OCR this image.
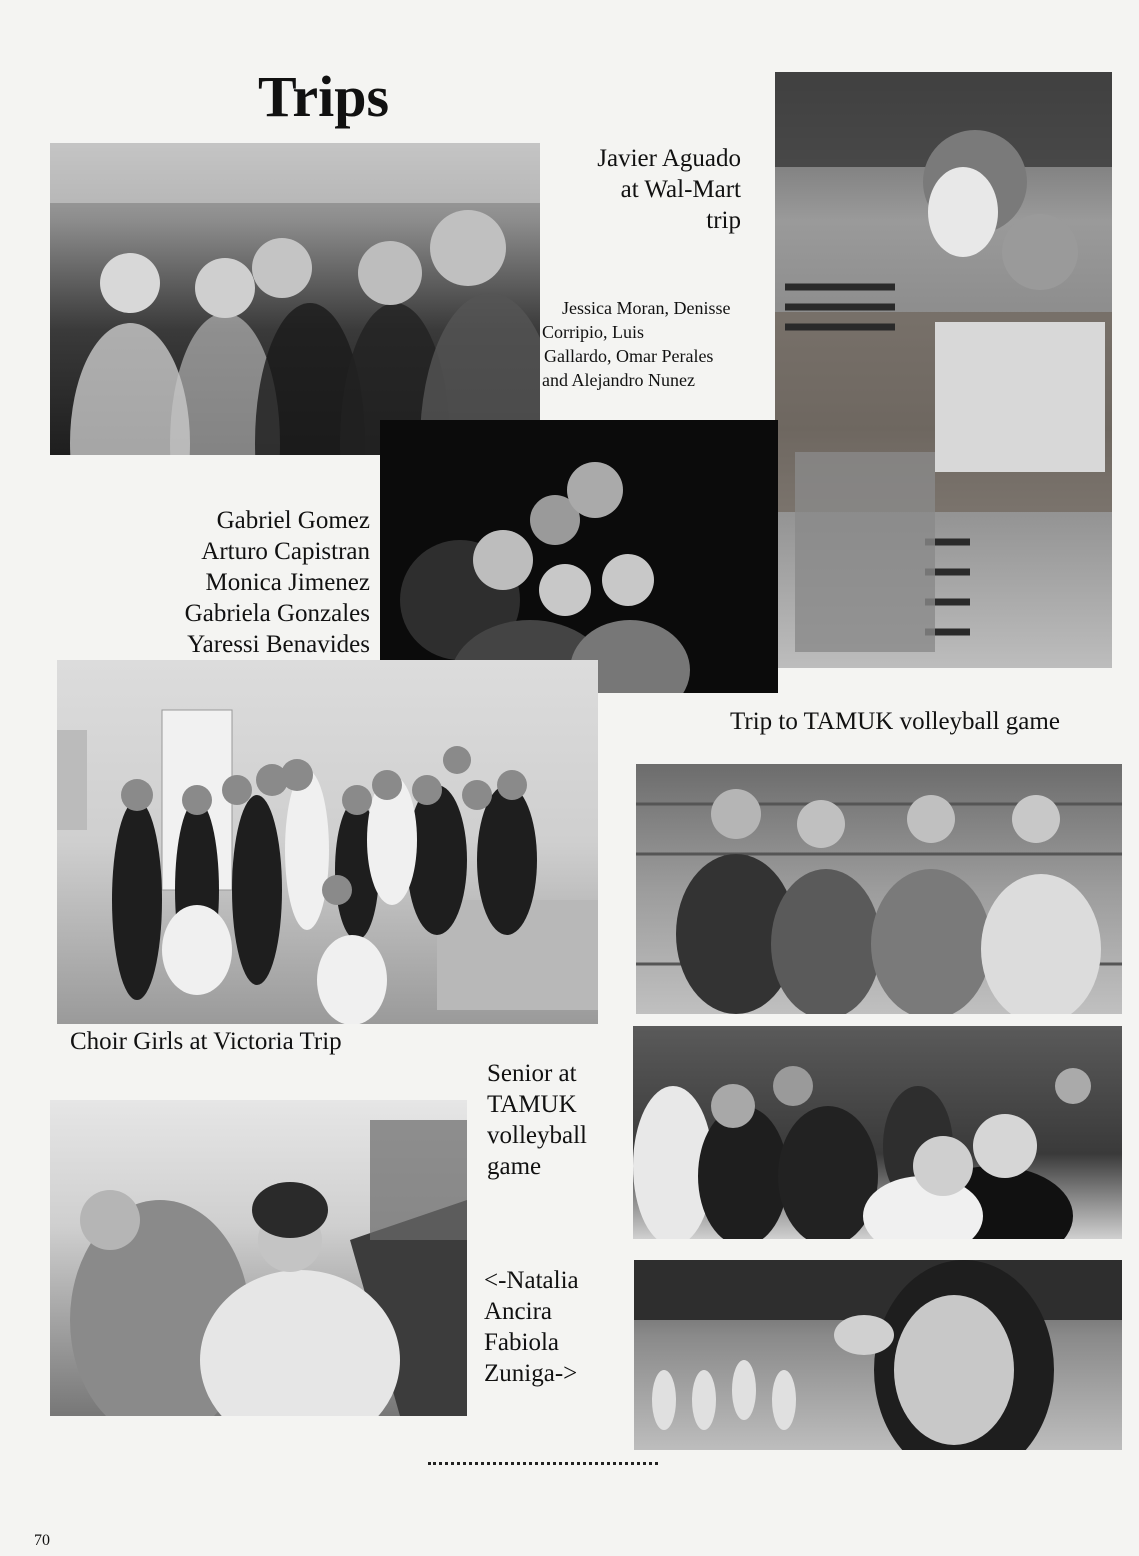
Trips
Javier Aguado
at Wal-Mart
trip
Jessica Moran, Denisse
Corripio, Luis
Gallardo, Omar Perales
and Alejandro Nunez
Gabriel Gomez
Arturo Capistran
Monica Jimenez
Gabriela Gonzales
Yaressi Benavides
Trip to TAMUK volleyball game
Choir Girls at Victoria Trip
Senior at
TAMUK
volleyball
game
<-Natalia
Ancira
Fabiola
Zuniga->
70
